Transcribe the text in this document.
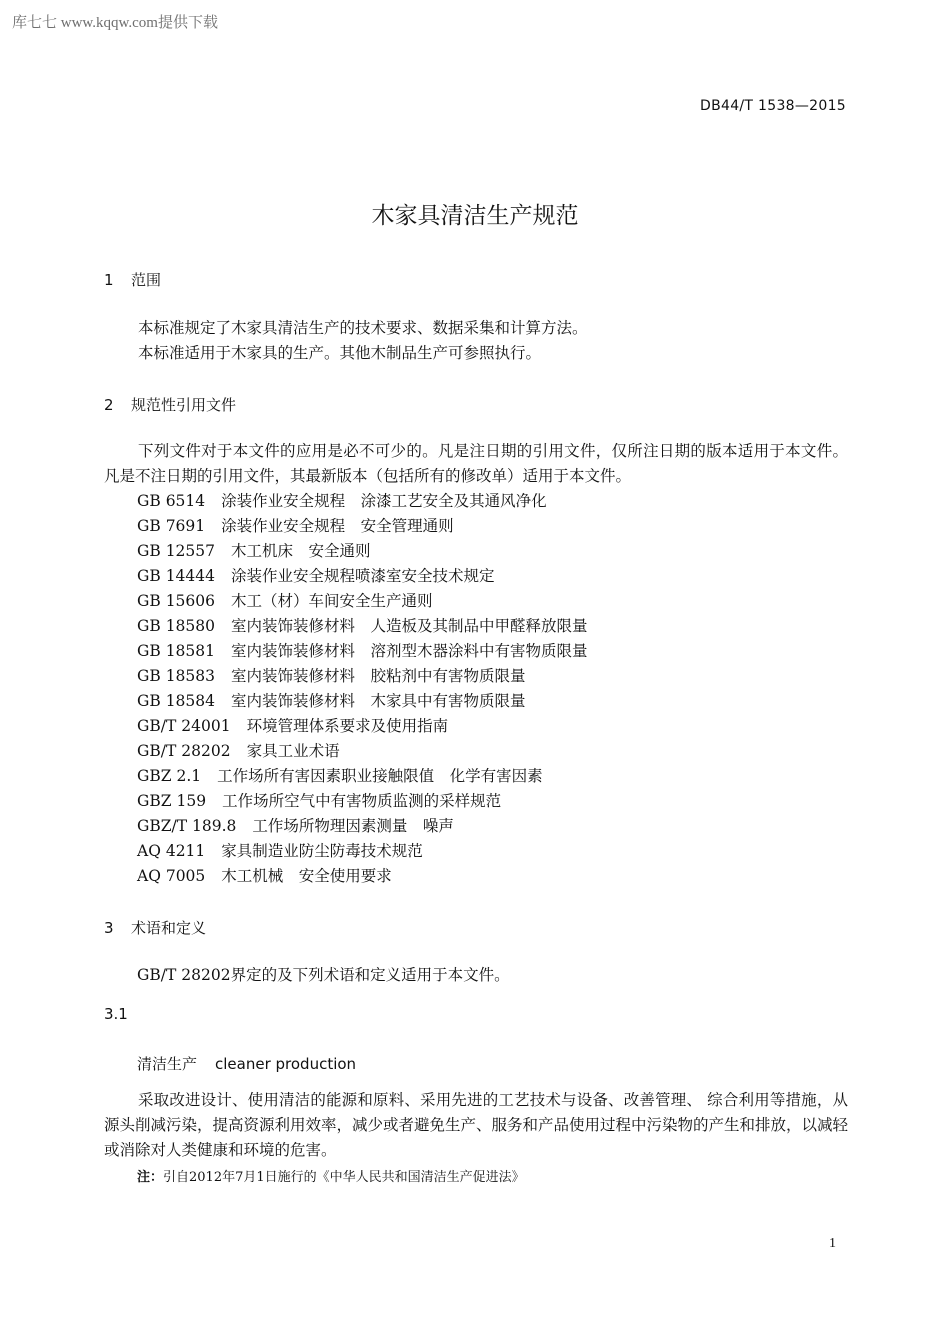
库七七 www.kqqw.com提供下载
DB44/T 1538—2015
木家具清洁生产规范
1 范围
本标准规定了木家具清洁生产的技术要求、数据采集和计算方法。
本标准适用于木家具的生产。其他木制品生产可参照执行。
2 规范性引用文件
下列文件对于本文件的应用是必不可少的。凡是注日期的引用文件，仅所注日期的版本适用于本文件。凡是不注日期的引用文件，其最新版本（包括所有的修改单）适用于本文件。
GB 6514 涂装作业安全规程　涂漆工艺安全及其通风净化
GB 7691 涂装作业安全规程　安全管理通则
GB 12557 木工机床　安全通则
GB 14444 涂装作业安全规程喷漆室安全技术规定
GB 15606 木工（材）车间安全生产通则
GB 18580 室内装饰装修材料　人造板及其制品中甲醛释放限量
GB 18581 室内装饰装修材料　溶剂型木器涂料中有害物质限量
GB 18583 室内装饰装修材料　胶粘剂中有害物质限量
GB 18584 室内装饰装修材料　木家具中有害物质限量
GB/T 24001 环境管理体系要求及使用指南
GB/T 28202 家具工业术语
GBZ 2.1 工作场所有害因素职业接触限值　化学有害因素
GBZ 159 工作场所空气中有害物质监测的采样规范
GBZ/T 189.8 工作场所物理因素测量　噪声
AQ 4211 家具制造业防尘防毒技术规范
AQ 7005 木工机械　安全使用要求
3 术语和定义
GB/T 28202界定的及下列术语和定义适用于本文件。
3.1
清洁生产 cleaner production
采取改进设计、使用清洁的能源和原料、采用先进的工艺技术与设备、改善管理、 综合利用等措施，从源头削减污染，提高资源利用效率，减少或者避免生产、服务和产品使用过程中污染物的产生和排放，以减轻或消除对人类健康和环境的危害。
注：引自2012年7月1日施行的《中华人民共和国清洁生产促进法》
1
